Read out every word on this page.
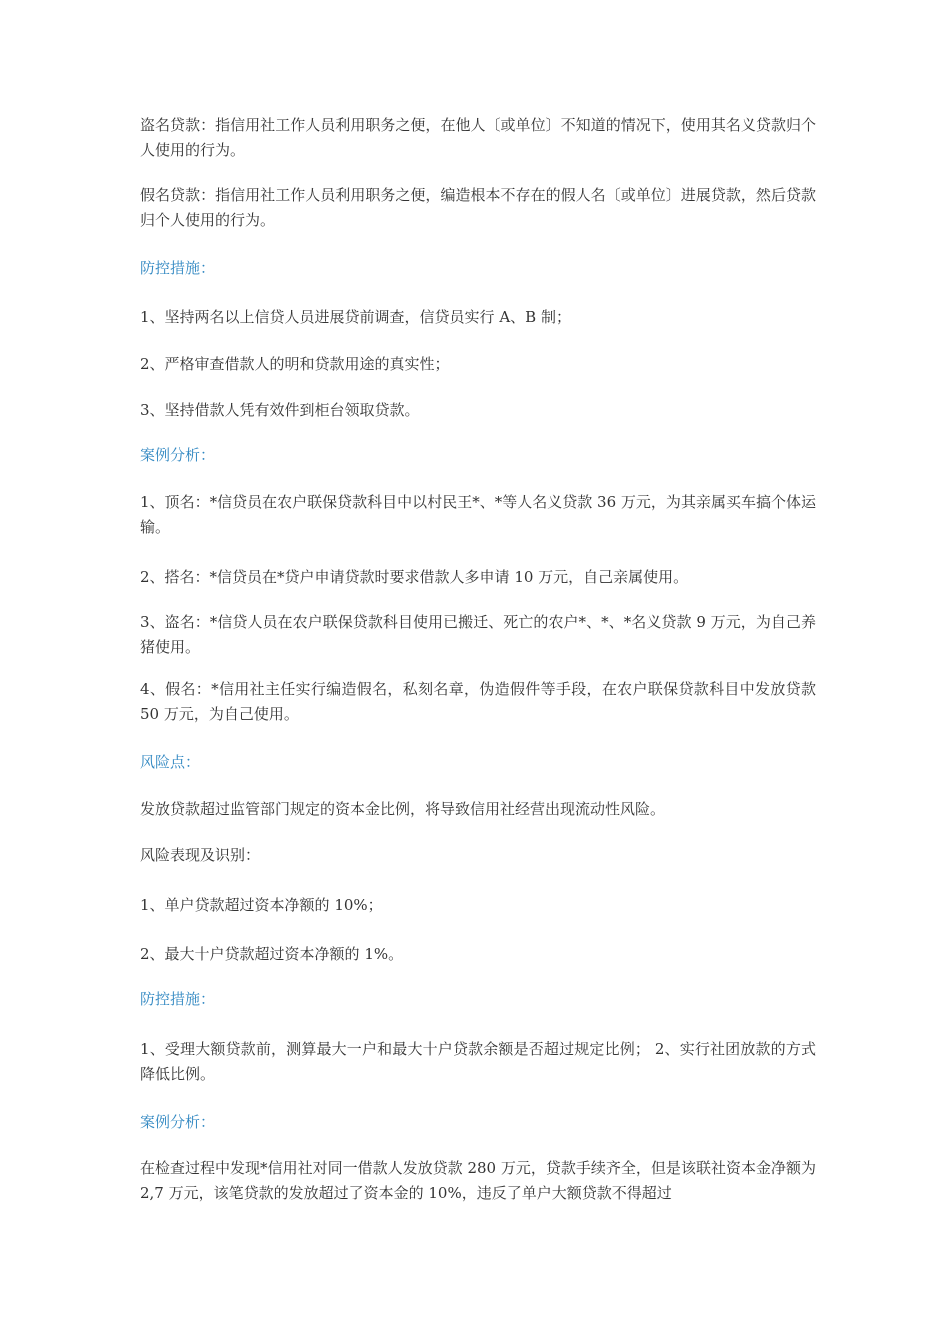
盗名贷款：指信用社工作人员利用职务之便，在他人〔或单位〕不知道的情况下，使用其名义贷款归个人使用的行为。

假名贷款：指信用社工作人员利用职务之便，编造根本不存在的假人名〔或单位〕进展贷款，然后贷款归个人使用的行为。

防控措施：

1、坚持两名以上信贷人员进展贷前调查，信贷员实行 A、B 制；

2、严格审查借款人的明和贷款用途的真实性；

3、坚持借款人凭有效件到柜台领取贷款。

案例分析：

1、顶名：*信贷员在农户联保贷款科目中以村民王*、*等人名义贷款 36 万元，为其亲属买车搞个体运输。

2、搭名：*信贷员在*贷户申请贷款时要求借款人多申请 10 万元，自己亲属使用。

3、盗名：*信贷人员在农户联保贷款科目使用已搬迁、死亡的农户*、*、*名义贷款 9 万元，为自己养猪使用。

4、假名：*信用社主任实行编造假名，私刻名章，伪造假件等手段，在农户联保贷款科目中发放贷款 50 万元，为自己使用。

风险点：

发放贷款超过监管部门规定的资本金比例，将导致信用社经营出现流动性风险。

风险表现及识别：

1、单户贷款超过资本净额的 10%；

2、最大十户贷款超过资本净额的 1%。

防控措施：

1、受理大额贷款前，测算最大一户和最大十户贷款余额是否超过规定比例； 2、实行社团放款的方式降低比例。

案例分析：

在检查过程中发现*信用社对同一借款人发放贷款 280 万元，贷款手续齐全，但是该联社资本金净额为 2,7 万元，该笔贷款的发放超过了资本金的 10%，违反了单户大额贷款不得超过
